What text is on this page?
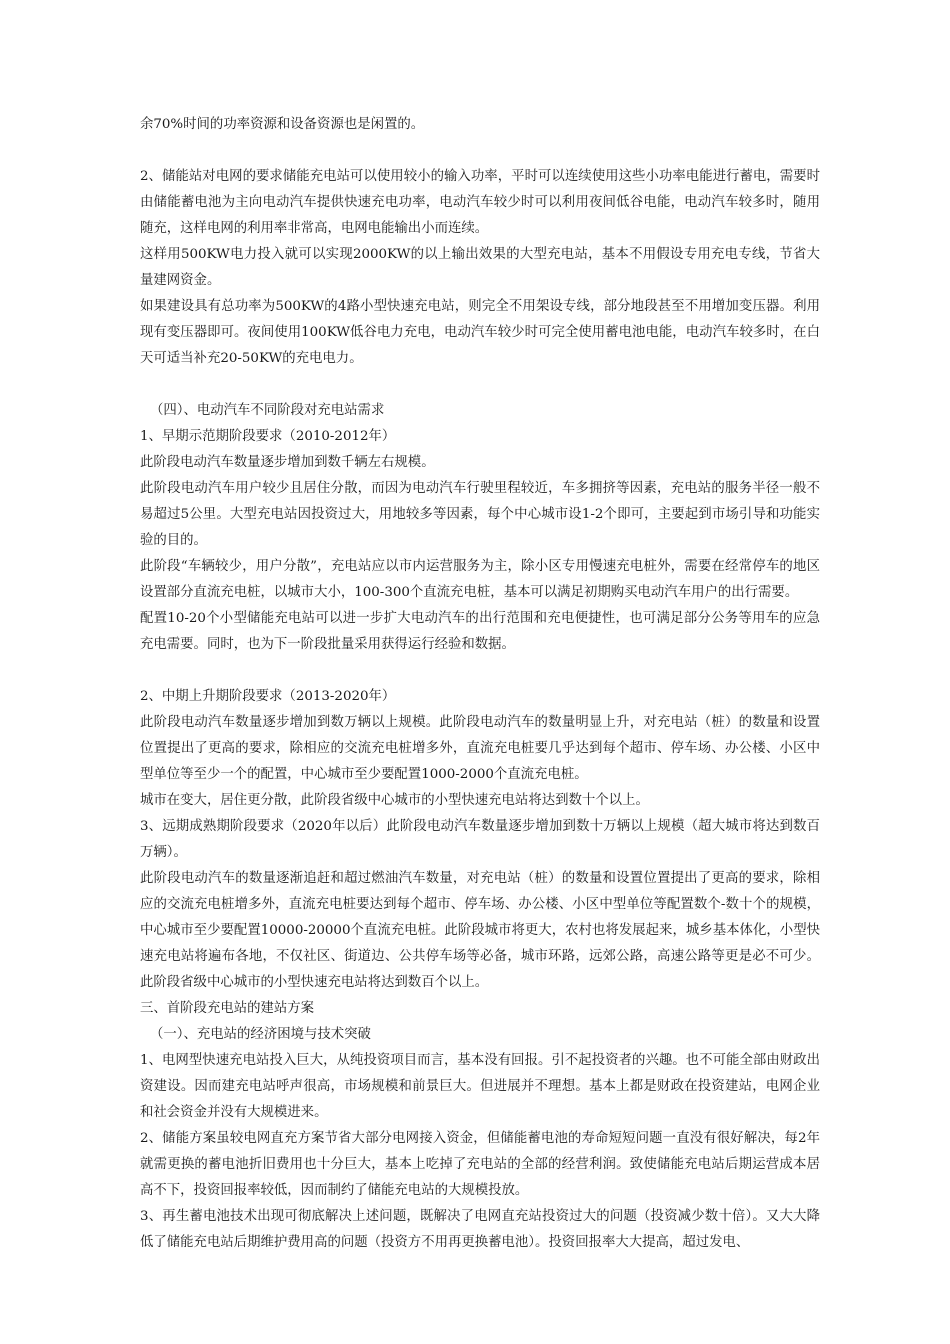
余70%时间的功率资源和设备资源也是闲置的。

2、储能站对电网的要求储能充电站可以使用较小的输入功率，平时可以连续使用这些小功率电能进行蓄电，需要时由储能蓄电池为主向电动汽车提供快速充电功率，电动汽车较少时可以利用夜间低谷电能，电动汽车较多时，随用随充，这样电网的利用率非常高，电网电能输出小而连续。

这样用500KW电力投入就可以实现2000KW的以上输出效果的大型充电站，基本不用假设专用充电专线，节省大量建网资金。

如果建设具有总功率为500KW的4路小型快速充电站，则完全不用架设专线，部分地段甚至不用增加变压器。利用现有变压器即可。夜间使用100KW低谷电力充电，电动汽车较少时可完全使用蓄电池电能，电动汽车较多时，在白天可适当补充20-50KW的充电电力。

（四）、电动汽车不同阶段对充电站需求

1、早期示范期阶段要求（2010-2012年）

此阶段电动汽车数量逐步增加到数千辆左右规模。

此阶段电动汽车用户较少且居住分散，而因为电动汽车行驶里程较近，车多拥挤等因素，充电站的服务半径一般不易超过5公里。大型充电站因投资过大，用地较多等因素，每个中心城市设1-2个即可，主要起到市场引导和功能实验的目的。

此阶段“车辆较少，用户分散”，充电站应以市内运营服务为主，除小区专用慢速充电桩外，需要在经常停车的地区设置部分直流充电桩，以城市大小，100-300个直流充电桩，基本可以满足初期购买电动汽车用户的出行需要。

配置10-20个小型储能充电站可以进一步扩大电动汽车的出行范围和充电便捷性，也可满足部分公务等用车的应急充电需要。同时，也为下一阶段批量采用获得运行经验和数据。

2、中期上升期阶段要求（2013-2020年）

此阶段电动汽车数量逐步增加到数万辆以上规模。此阶段电动汽车的数量明显上升，对充电站（桩）的数量和设置位置提出了更高的要求，除相应的交流充电桩增多外，直流充电桩要几乎达到每个超市、停车场、办公楼、小区中型单位等至少一个的配置，中心城市至少要配置1000-2000个直流充电桩。

城市在变大，居住更分散，此阶段省级中心城市的小型快速充电站将达到数十个以上。

3、远期成熟期阶段要求（2020年以后）此阶段电动汽车数量逐步增加到数十万辆以上规模（超大城市将达到数百万辆）。

此阶段电动汽车的数量逐渐追赶和超过燃油汽车数量，对充电站（桩）的数量和设置位置提出了更高的要求，除相应的交流充电桩增多外，直流充电桩要达到每个超市、停车场、办公楼、小区中型单位等配置数个-数十个的规模，中心城市至少要配置10000-20000个直流充电桩。此阶段城市将更大，农村也将发展起来，城乡基本体化，小型快速充电站将遍布各地，不仅社区、街道边、公共停车场等必备，城市环路，远郊公路，高速公路等更是必不可少。此阶段省级中心城市的小型快速充电站将达到数百个以上。

三、首阶段充电站的建站方案

（一）、充电站的经济困境与技术突破

1、电网型快速充电站投入巨大，从纯投资项目而言，基本没有回报。引不起投资者的兴趣。也不可能全部由财政出资建设。因而建充电站呼声很高，市场规模和前景巨大。但进展并不理想。基本上都是财政在投资建站，电网企业和社会资金并没有大规模进来。

2、储能方案虽较电网直充方案节省大部分电网接入资金，但储能蓄电池的寿命短短问题一直没有很好解决，每2年就需更换的蓄电池折旧费用也十分巨大，基本上吃掉了充电站的全部的经营利润。致使储能充电站后期运营成本居高不下，投资回报率较低，因而制约了储能充电站的大规模投放。

3、再生蓄电池技术出现可彻底解决上述问题，既解决了电网直充站投资过大的问题（投资减少数十倍）。又大大降低了储能充电站后期维护费用高的问题（投资方不用再更换蓄电池）。投资回报率大大提高，超过发电、
